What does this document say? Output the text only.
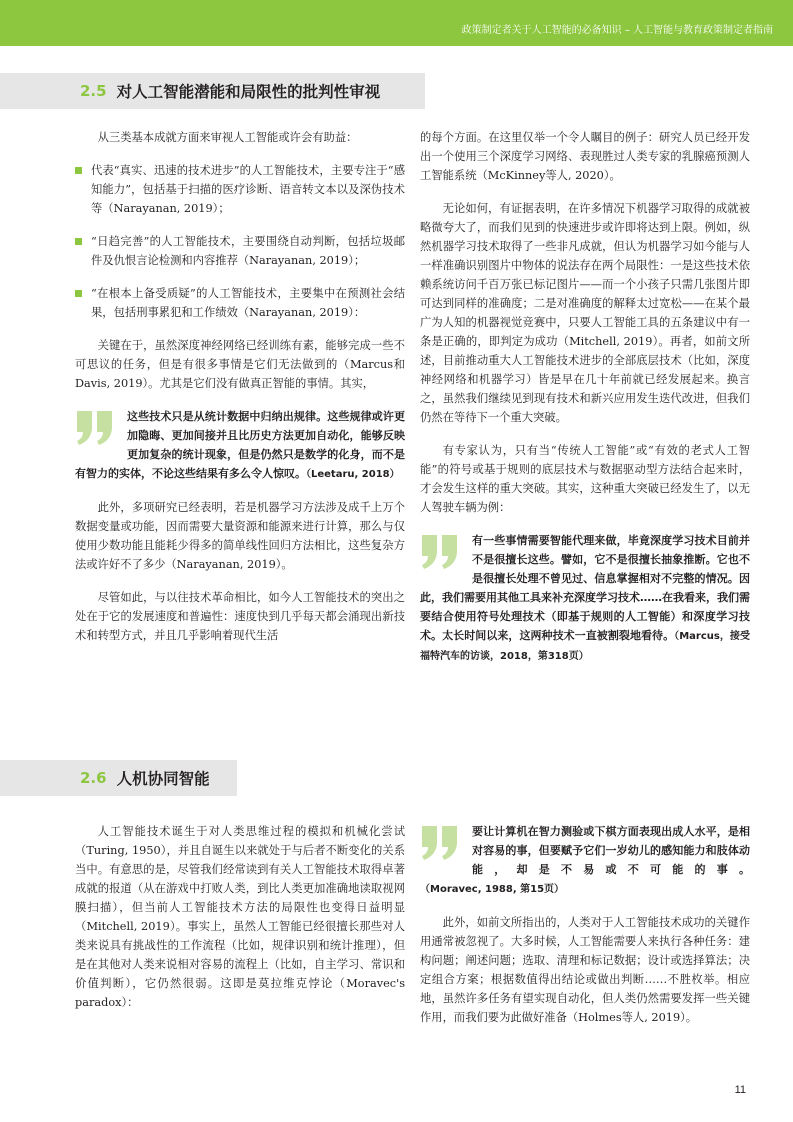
政策制定者关于人工智能的必备知识 – 人工智能与教育政策制定者指南
2.5 对人工智能潜能和局限性的批判性审视

从三类基本成就方面来审视人工智能或许会有助益：

代表“真实、迅速的技术进步”的人工智能技术，主要专注于“感知能力”，包括基于扫描的医疗诊断、语音转文本以及深伪技术等（Narayanan, 2019）；
“日趋完善”的人工智能技术，主要围绕自动判断，包括垃圾邮件及仇恨言论检测和内容推荐（Narayanan, 2019）；
“在根本上备受质疑”的人工智能技术，主要集中在预测社会结果，包括刑事累犯和工作绩效（Narayanan, 2019）：

关键在于，虽然深度神经网络已经训练有素，能够完成一些不可思议的任务，但是有很多事情是它们无法做到的（Marcus和Davis, 2019）。尤其是它们没有做真正智能的事情。其实，

这些技术只是从统计数据中归纳出规律。这些规律或许更加隐晦、更加间接并且比历史方法更加自动化，能够反映更加复杂的统计现象，但是仍然只是数学的化身，而不是有智力的实体，不论这些结果有多么令人惊叹。（Leetaru, 2018）

此外，多项研究已经表明，若是机器学习方法涉及成千上万个数据变量或功能，因而需要大量资源和能源来进行计算，那么与仅使用少数功能且能耗少得多的简单线性回归方法相比，这些复杂方法或许好不了多少（Narayanan, 2019）。

尽管如此，与以往技术革命相比，如今人工智能技术的突出之处在于它的发展速度和普遍性：速度快到几乎每天都会涌现出新技术和转型方式，并且几乎影响着现代生活

的每个方面。在这里仅举一个令人瞩目的例子：研究人员已经开发出一个使用三个深度学习网络、表现胜过人类专家的乳腺癌预测人工智能系统（McKinney等人, 2020）。

无论如何，有证据表明，在许多情况下机器学习取得的成就被略微夸大了，而我们见到的快速进步或许即将达到上限。例如，纵然机器学习技术取得了一些非凡成就，但认为机器学习如今能与人一样准确识别图片中物体的说法存在两个局限性：一是这些技术依赖系统访问千百万张已标记图片——而一个小孩子只需几张图片即可达到同样的准确度；二是对准确度的解释太过宽松——在某个最广为人知的机器视觉竞赛中，只要人工智能工具的五条建议中有一条是正确的，即判定为成功（Mitchell, 2019）。再者，如前文所述，目前推动重大人工智能技术进步的全部底层技术（比如，深度神经网络和机器学习）皆是早在几十年前就已经发展起来。换言之，虽然我们继续见到现有技术和新兴应用发生迭代改进，但我们仍然在等待下一个重大突破。

有专家认为，只有当“传统人工智能”或“有效的老式人工智能”的符号或基于规则的底层技术与数据驱动型方法结合起来时，才会发生这样的重大突破。其实，这种重大突破已经发生了，以无人驾驶车辆为例：

有一些事情需要智能代理来做，毕竟深度学习技术目前并不是很擅长这些。譬如，它不是很擅长抽象推断。它也不是很擅长处理不曾见过、信息掌握相对不完整的情况。因此，我们需要用其他工具来补充深度学习技术……在我看来，我们需要结合使用符号处理技术（即基于规则的人工智能）和深度学习技术。太长时间以来，这两种技术一直被割裂地看待。（Marcus，接受福特汽车的访谈，2018，第318页）
2.6 人机协同智能

人工智能技术诞生于对人类思维过程的模拟和机械化尝试（Turing, 1950），并且自诞生以来就处于与后者不断变化的关系当中。有意思的是，尽管我们经常读到有关人工智能技术取得卓著成就的报道（从在游戏中打败人类，到比人类更加准确地读取视网膜扫描），但当前人工智能技术方法的局限性也变得日益明显（Mitchell, 2019）。事实上，虽然人工智能已经很擅长那些对人类来说具有挑战性的工作流程（比如，规律识别和统计推理），但是在其他对人类来说相对容易的流程上（比如，自主学习、常识和价值判断），它仍然很弱。这即是莫拉维克悖论（Moravec's paradox）：

要让计算机在智力测验或下棋方面表现出成人水平，是相对容易的事，但要赋予它们一岁幼儿的感知能力和肢体动能，却是不易或不可能的事。（Moravec, 1988, 第15页）

此外，如前文所指出的，人类对于人工智能技术成功的关键作用通常被忽视了。大多时候，人工智能需要人来执行各种任务：建构问题；阐述问题；选取、清理和标记数据；设计或选择算法；决定组合方案；根据数值得出结论或做出判断……不胜枚举。相应地，虽然许多任务有望实现自动化，但人类仍然需要发挥一些关键作用，而我们要为此做好准备（Holmes等人, 2019）。

11
